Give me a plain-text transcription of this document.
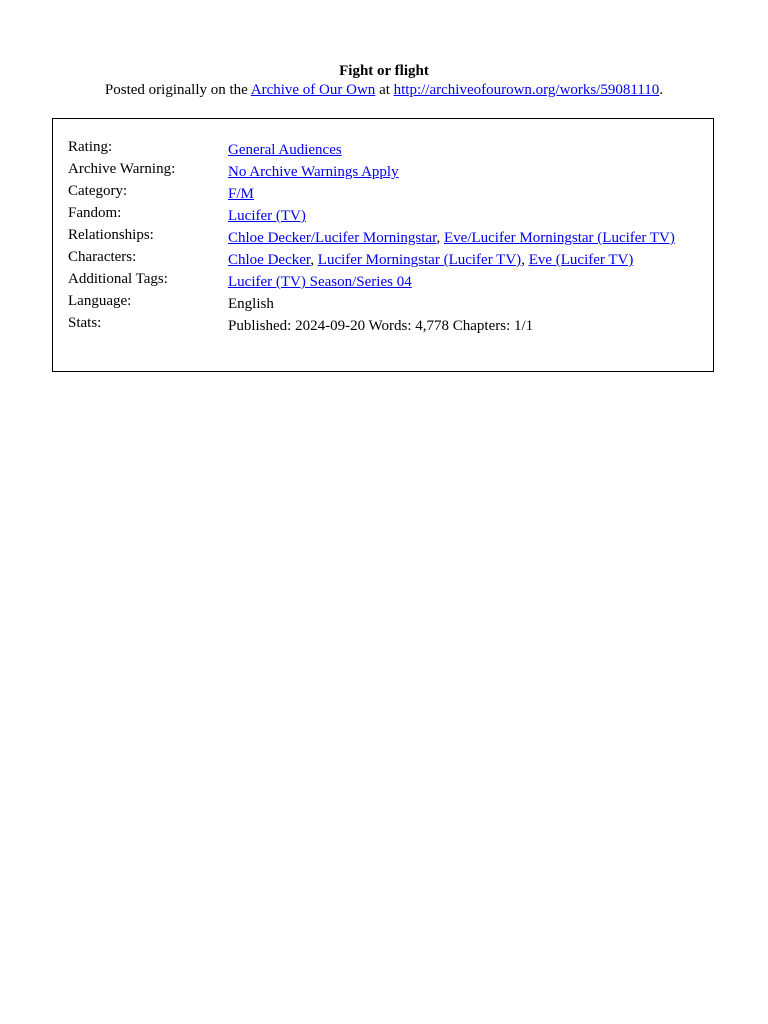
Fight or flight
Posted originally on the Archive of Our Own at http://archiveofourown.org/works/59081110.
Rating:	General Audiences
Archive Warning:	No Archive Warnings Apply
Category:	F/M
Fandom:	Lucifer (TV)
Relationships:	Chloe Decker/Lucifer Morningstar, Eve/Lucifer Morningstar (Lucifer TV)
Characters:	Chloe Decker, Lucifer Morningstar (Lucifer TV), Eve (Lucifer TV)
Additional Tags:	Lucifer (TV) Season/Series 04
Language:	English
Stats:	Published: 2024-09-20 Words: 4,778 Chapters: 1/1
